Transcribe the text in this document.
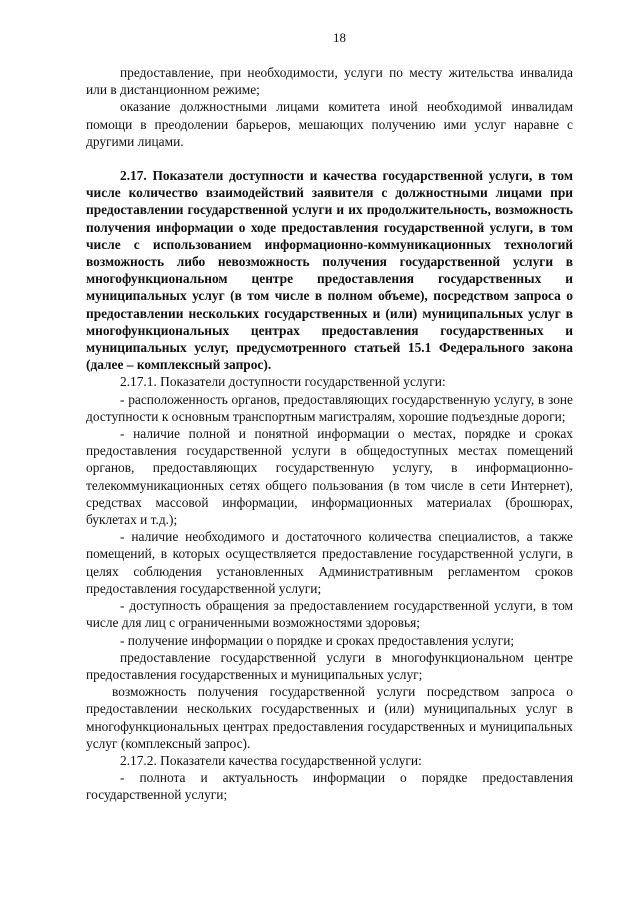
18

предоставление, при необходимости, услуги по месту жительства инвалида или в дистанционном режиме;

оказание должностными лицами комитета иной необходимой инвалидам помощи в преодолении барьеров, мешающих получению ими услуг наравне с другими лицами.

2.17. Показатели доступности и качества государственной услуги, в том числе количество взаимодействий заявителя с должностными лицами при предоставлении государственной услуги и их продолжительность, возможность получения информации о ходе предоставления государственной услуги, в том числе с использованием информационно-коммуникационных технологий возможность либо невозможность получения государственной услуги в многофункциональном центре предоставления государственных и муниципальных услуг (в том числе в полном объеме), посредством запроса о предоставлении нескольких государственных и (или) муниципальных услуг в многофункциональных центрах предоставления государственных и муниципальных услуг, предусмотренного статьей 15.1 Федерального закона (далее – комплексный запрос).

2.17.1. Показатели доступности государственной услуги:

- расположенность органов, предоставляющих государственную услугу, в зоне доступности к основным транспортным магистралям, хорошие подъездные дороги;

- наличие полной и понятной информации о местах, порядке и сроках предоставления государственной услуги в общедоступных местах помещений органов, предоставляющих государственную услугу, в информационно-телекоммуникационных сетях общего пользования (в том числе в сети Интернет), средствах массовой информации, информационных материалах (брошюрах, буклетах и т.д.);

- наличие необходимого и достаточного количества специалистов, а также помещений, в которых осуществляется предоставление государственной услуги, в целях соблюдения установленных Административным регламентом сроков предоставления государственной услуги;

- доступность обращения за предоставлением государственной услуги, в том числе для лиц с ограниченными возможностями здоровья;

- получение информации о порядке и сроках предоставления услуги;

предоставление государственной услуги в многофункциональном центре предоставления государственных и муниципальных услуг;

возможность получения государственной услуги посредством запроса о предоставлении нескольких государственных и (или) муниципальных услуг в многофункциональных центрах предоставления государственных и муниципальных услуг (комплексный запрос).

2.17.2. Показатели качества государственной услуги:

- полнота и актуальность информации о порядке предоставления государственной услуги;
